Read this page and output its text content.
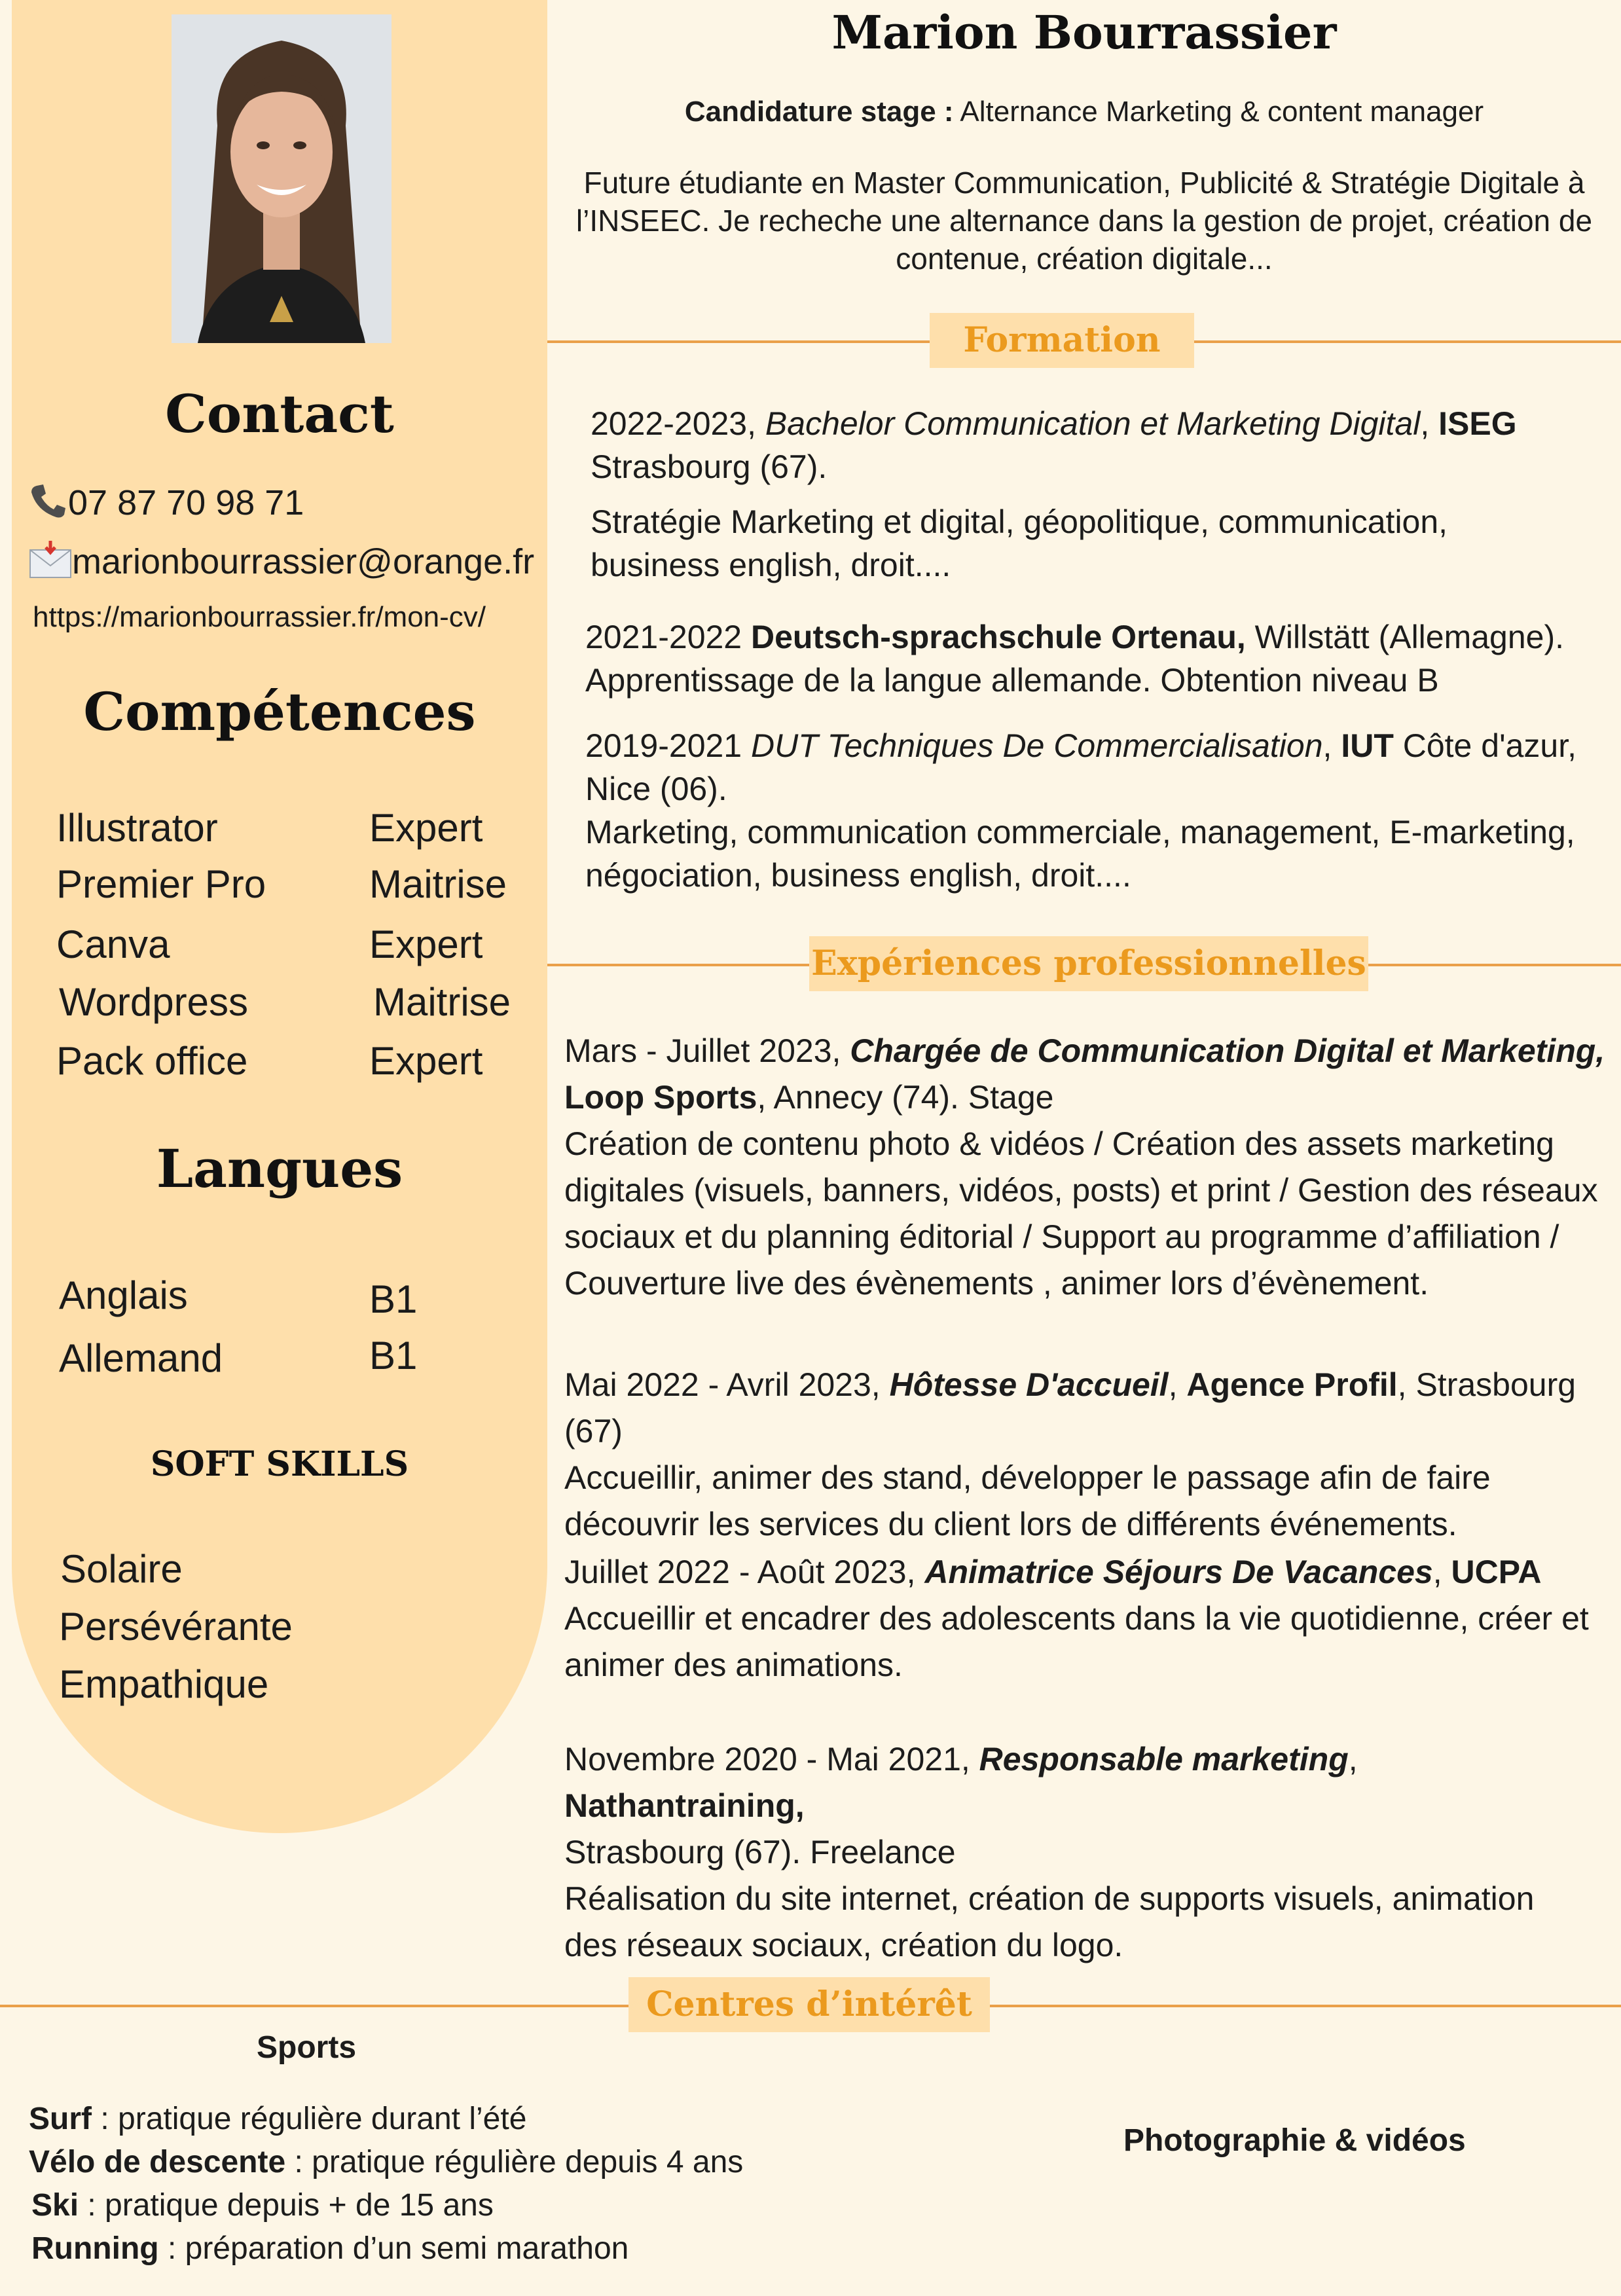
Contact
07 87 70 98 71
marionbourrassier@orange.fr
https://marionbourrassier.fr/mon-cv/
Compétences
Illustrator	Expert
Premier Pro	Maitrise
Canva	Expert
Wordpress	Maitrise
Pack office	Expert
Langues
Anglais	B1
Allemand	B1
SOFT SKILLS
Solaire
Persévérante
Empathique
Marion Bourrassier
Candidature stage : Alternance Marketing & content manager
Future étudiante en Master Communication, Publicité & Stratégie Digitale à
l’INSEEC. Je recheche une alternance dans la gestion de projet, création de
contenue, création digitale...
Formation
2022-2023, Bachelor Communication et Marketing Digital, ISEG
Strasbourg (67).
Stratégie Marketing et digital, géopolitique, communication,
business english, droit....
2021-2022 Deutsch-sprachschule Ortenau, Willstätt (Allemagne).
Apprentissage de la langue allemande. Obtention niveau B
2019-2021 DUT Techniques De Commercialisation, IUT Côte d'azur,
Nice (06).
Marketing, communication commerciale, management, E-marketing,
négociation, business english, droit....
Expériences professionnelles
Mars - Juillet 2023, Chargée de Communication Digital et Marketing,
Loop Sports, Annecy (74). Stage
Création de contenu photo & vidéos / Création des assets marketing
digitales (visuels, banners, vidéos, posts) et print / Gestion des réseaux
sociaux et du planning éditorial / Support au programme d’affiliation /
Couverture live des évènements , animer lors d’évènement.
Mai 2022 - Avril 2023, Hôtesse D'accueil, Agence Profil, Strasbourg (67)
Accueillir, animer des stand, développer le passage afin de faire
découvrir les services du client lors de différents événements.
Juillet 2022 - Août 2023, Animatrice Séjours De Vacances, UCPA
Accueillir et encadrer des adolescents dans la vie quotidienne, créer et
animer des animations.
Novembre 2020 - Mai 2021, Responsable marketing, Nathantraining,
Strasbourg (67). Freelance
Réalisation du site internet, création de supports visuels, animation
des réseaux sociaux, création du logo.
Centres d’intérêt
Sports
Surf : pratique régulière durant l’été
Vélo de descente : pratique régulière depuis 4 ans
Ski : pratique depuis + de 15 ans
Running : préparation d’un semi marathon
Photographie & vidéos
